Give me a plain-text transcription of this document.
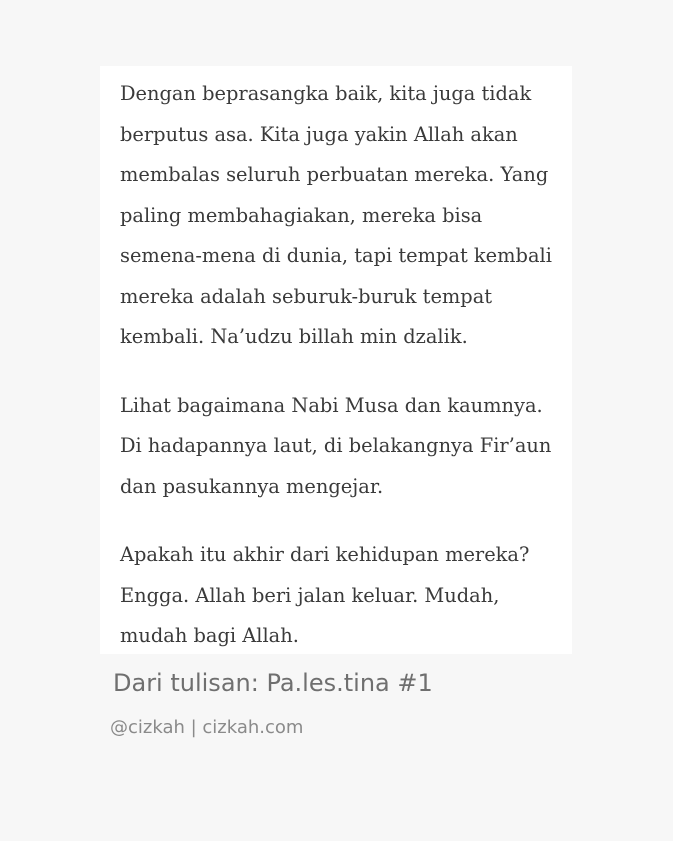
Dengan beprasangka baik, kita juga tidak
berputus asa. Kita juga yakin Allah akan
membalas seluruh perbuatan mereka. Yang
paling membahagiakan, mereka bisa
semena-mena di dunia, tapi tempat kembali
mereka adalah seburuk-buruk tempat
kembali. Na’udzu billah min dzalik.

Lihat bagaimana Nabi Musa dan kaumnya.
Di hadapannya laut, di belakangnya Fir’aun
dan pasukannya mengejar.

Apakah itu akhir dari kehidupan mereka?
Engga. Allah beri jalan keluar. Mudah,
mudah bagi Allah.

Dari tulisan: Pa.les.tina #1
@cizkah | cizkah.com
